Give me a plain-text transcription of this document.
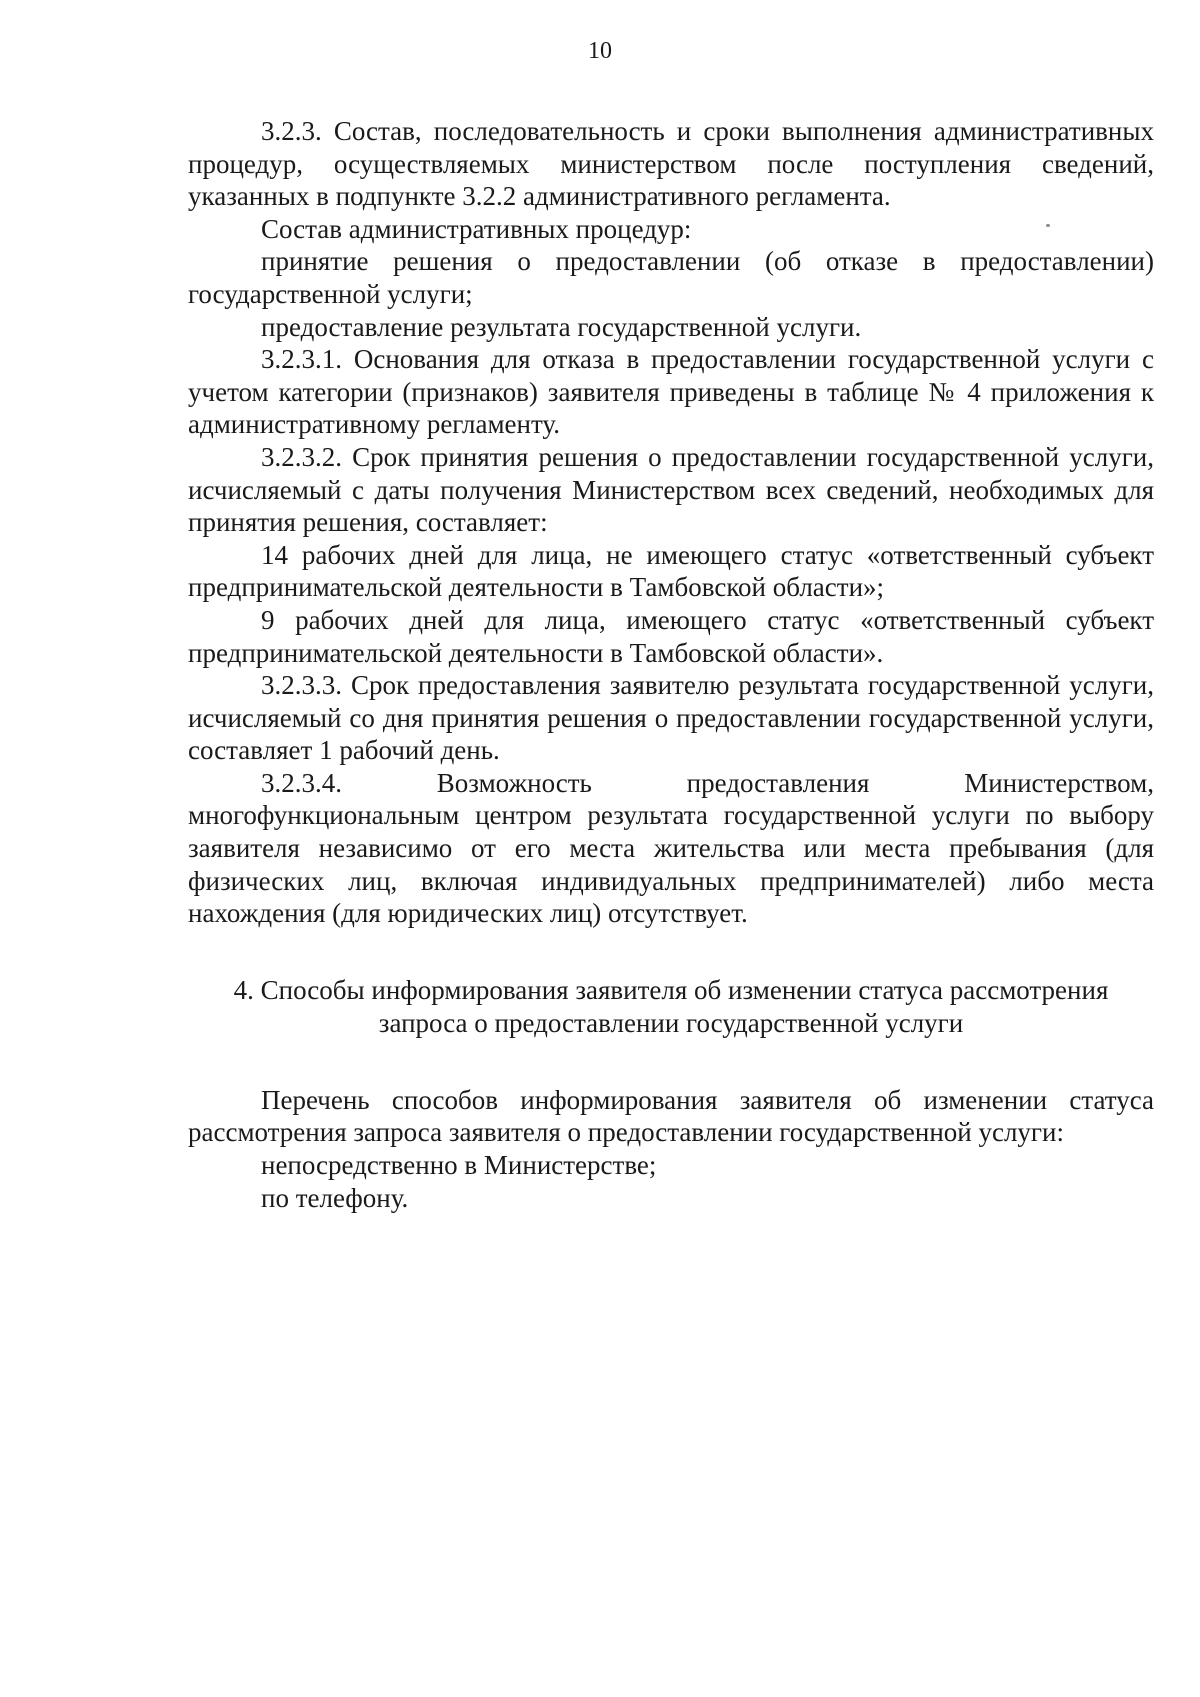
10

3.2.3. Состав, последовательность и сроки выполнения административных процедур, осуществляемых министерством после поступления сведений, указанных в подпункте 3.2.2 административного регламента.

Состав административных процедур:

принятие решения о предоставлении (об отказе в предоставлении) государственной услуги;

предоставление результата государственной услуги.

3.2.3.1. Основания для отказа в предоставлении государственной услуги с учетом категории (признаков) заявителя приведены в таблице № 4 приложения к административному регламенту.

3.2.3.2. Срок принятия решения о предоставлении государственной услуги, исчисляемый с даты получения Министерством всех сведений, необходимых для принятия решения, составляет:

14 рабочих дней для лица, не имеющего статус «ответственный субъект предпринимательской деятельности в Тамбовской области»;

9 рабочих дней для лица, имеющего статус «ответственный субъект предпринимательской деятельности в Тамбовской области».

3.2.3.3. Срок предоставления заявителю результата государственной услуги, исчисляемый со дня принятия решения о предоставлении государственной услуги, составляет 1 рабочий день.

3.2.3.4. Возможность предоставления Министерством, многофункциональным центром результата государственной услуги по выбору заявителя независимо от его места жительства или места пребывания (для физических лиц, включая индивидуальных предпринимателей) либо места нахождения (для юридических лиц) отсутствует.

4. Способы информирования заявителя об изменении статуса рассмотрения
запроса о предоставлении государственной услуги

Перечень способов информирования заявителя об изменении статуса рассмотрения запроса заявителя о предоставлении государственной услуги:

непосредственно в Министерстве;

по телефону.
